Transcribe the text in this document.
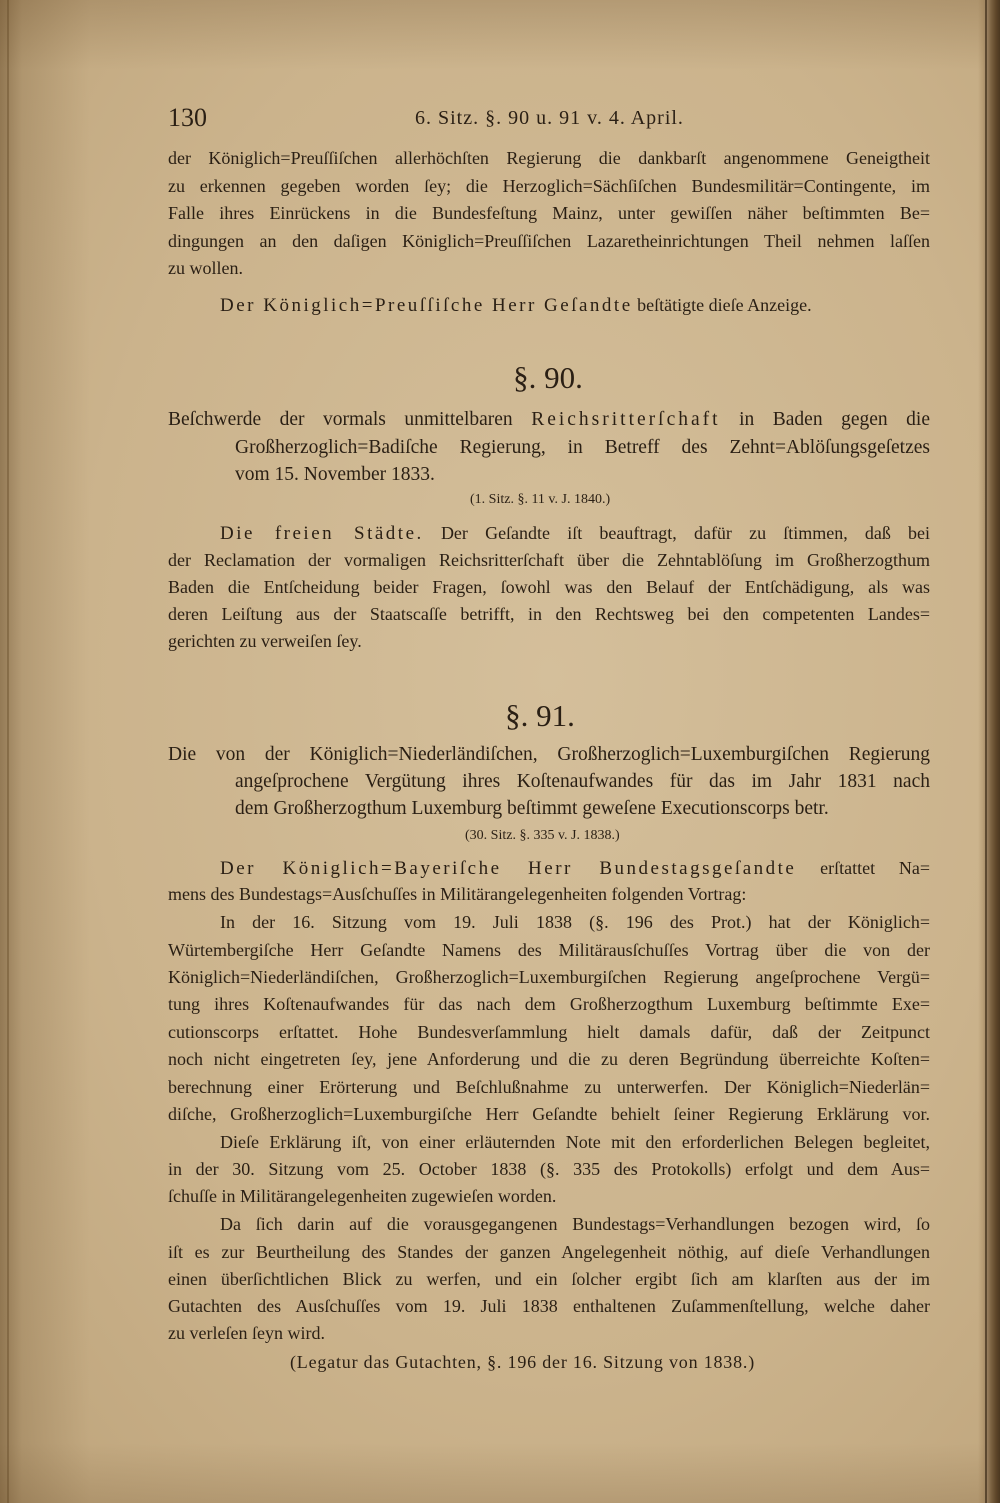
130	6. Sitz. §. 90 u. 91 v. 4. April.
der Königlich=Preuſſiſchen allerhöchſten Regierung die dankbarſt angenommene Geneigtheit
zu erkennen gegeben worden ſey; die Herzoglich=Sächſiſchen Bundesmilitär=Contingente, im
Falle ihres Einrückens in die Bundesfeſtung Mainz, unter gewiſſen näher beſtimmten Be=
dingungen an den daſigen Königlich=Preuſſiſchen Lazaretheinrichtungen Theil nehmen laſſen
zu wollen.
Der Königlich=Preuſſiſche Herr Geſandte beſtätigte dieſe Anzeige.
§. 90.
Beſchwerde der vormals unmittelbaren Reichsritterſchaft in Baden gegen die
Großherzoglich=Badiſche Regierung, in Betreff des Zehnt=Ablöſungsgeſetzes
vom 15. November 1833.
(1. Sitz. §. 11 v. J. 1840.)
Die freien Städte. Der Geſandte iſt beauftragt, dafür zu ſtimmen, daß bei
der Reclamation der vormaligen Reichsritterſchaft über die Zehntablöſung im Großherzogthum
Baden die Entſcheidung beider Fragen, ſowohl was den Belauf der Entſchädigung, als was
deren Leiſtung aus der Staatscaſſe betrifft, in den Rechtsweg bei den competenten Landes=
gerichten zu verweiſen ſey.
§. 91.
Die von der Königlich=Niederländiſchen, Großherzoglich=Luxemburgiſchen Regierung
angeſprochene Vergütung ihres Koſtenaufwandes für das im Jahr 1831 nach
dem Großherzogthum Luxemburg beſtimmt geweſene Executionscorps betr.
(30. Sitz. §. 335 v. J. 1838.)
Der Königlich=Bayeriſche Herr Bundestagsgeſandte erſtattet Na=
mens des Bundestags=Ausſchuſſes in Militärangelegenheiten folgenden Vortrag:
In der 16. Sitzung vom 19. Juli 1838 (§. 196 des Prot.) hat der Königlich=
Würtembergiſche Herr Geſandte Namens des Militärausſchuſſes Vortrag über die von der
Königlich=Niederländiſchen, Großherzoglich=Luxemburgiſchen Regierung angeſprochene Vergü=
tung ihres Koſtenaufwandes für das nach dem Großherzogthum Luxemburg beſtimmte Exe=
cutionscorps erſtattet. Hohe Bundesverſammlung hielt damals dafür, daß der Zeitpunct
noch nicht eingetreten ſey, jene Anforderung und die zu deren Begründung überreichte Koſten=
berechnung einer Erörterung und Beſchlußnahme zu unterwerfen. Der Königlich=Niederlän=
diſche, Großherzoglich=Luxemburgiſche Herr Geſandte behielt ſeiner Regierung Erklärung vor.
Dieſe Erklärung iſt, von einer erläuternden Note mit den erforderlichen Belegen begleitet,
in der 30. Sitzung vom 25. October 1838 (§. 335 des Protokolls) erfolgt und dem Aus=
ſchuſſe in Militärangelegenheiten zugewieſen worden.
Da ſich darin auf die vorausgegangenen Bundestags=Verhandlungen bezogen wird, ſo
iſt es zur Beurtheilung des Standes der ganzen Angelegenheit nöthig, auf dieſe Verhandlungen
einen überſichtlichen Blick zu werfen, und ein ſolcher ergibt ſich am klarſten aus der im
Gutachten des Ausſchuſſes vom 19. Juli 1838 enthaltenen Zuſammenſtellung, welche daher
zu verleſen ſeyn wird.
(Legatur das Gutachten, §. 196 der 16. Sitzung von 1838.)
